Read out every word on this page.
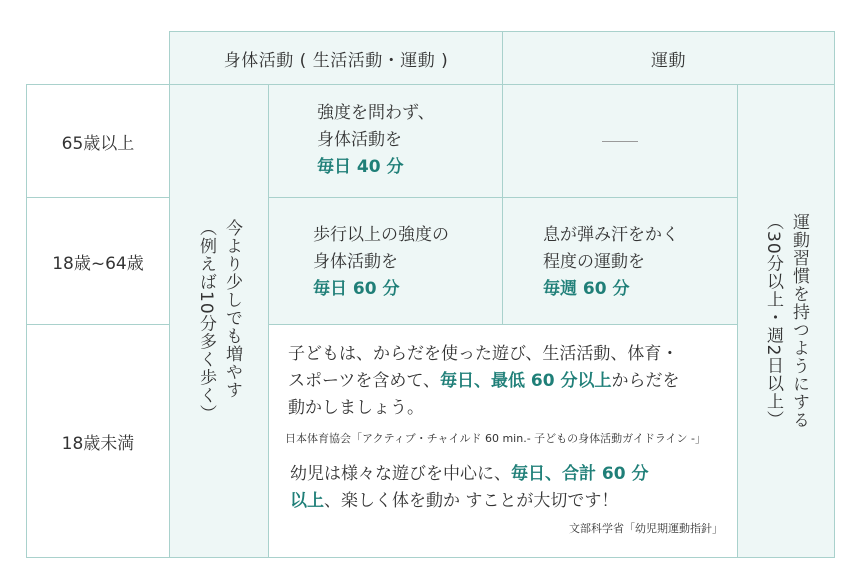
身体活動 ( 生活活動・運動 )	運動
65歳以上
18歳~64歳
18歳未満
今より少しでも増やす
（例えば10分多く歩く）
強度を問わず、
身体活動を
毎日 40 分
運動習慣を持つようにする
（30分以上・週2日以上）
歩行以上の強度の
身体活動を
毎日 60 分
息が弾み汗をかく
程度の運動を
毎週 60 分
子どもは、からだを使った遊び、生活活動、体育・
スポーツを含めて、毎日、最低 60 分以上からだを
動かしましょう。
日本体育協会「アクティブ・チャイルド 60 min.- 子どもの身体活動ガイドライン -」
幼児は様々な遊びを中心に、毎日、合計 60 分
以上、楽しく体を動か すことが大切です！
文部科学省「幼児期運動指針」
